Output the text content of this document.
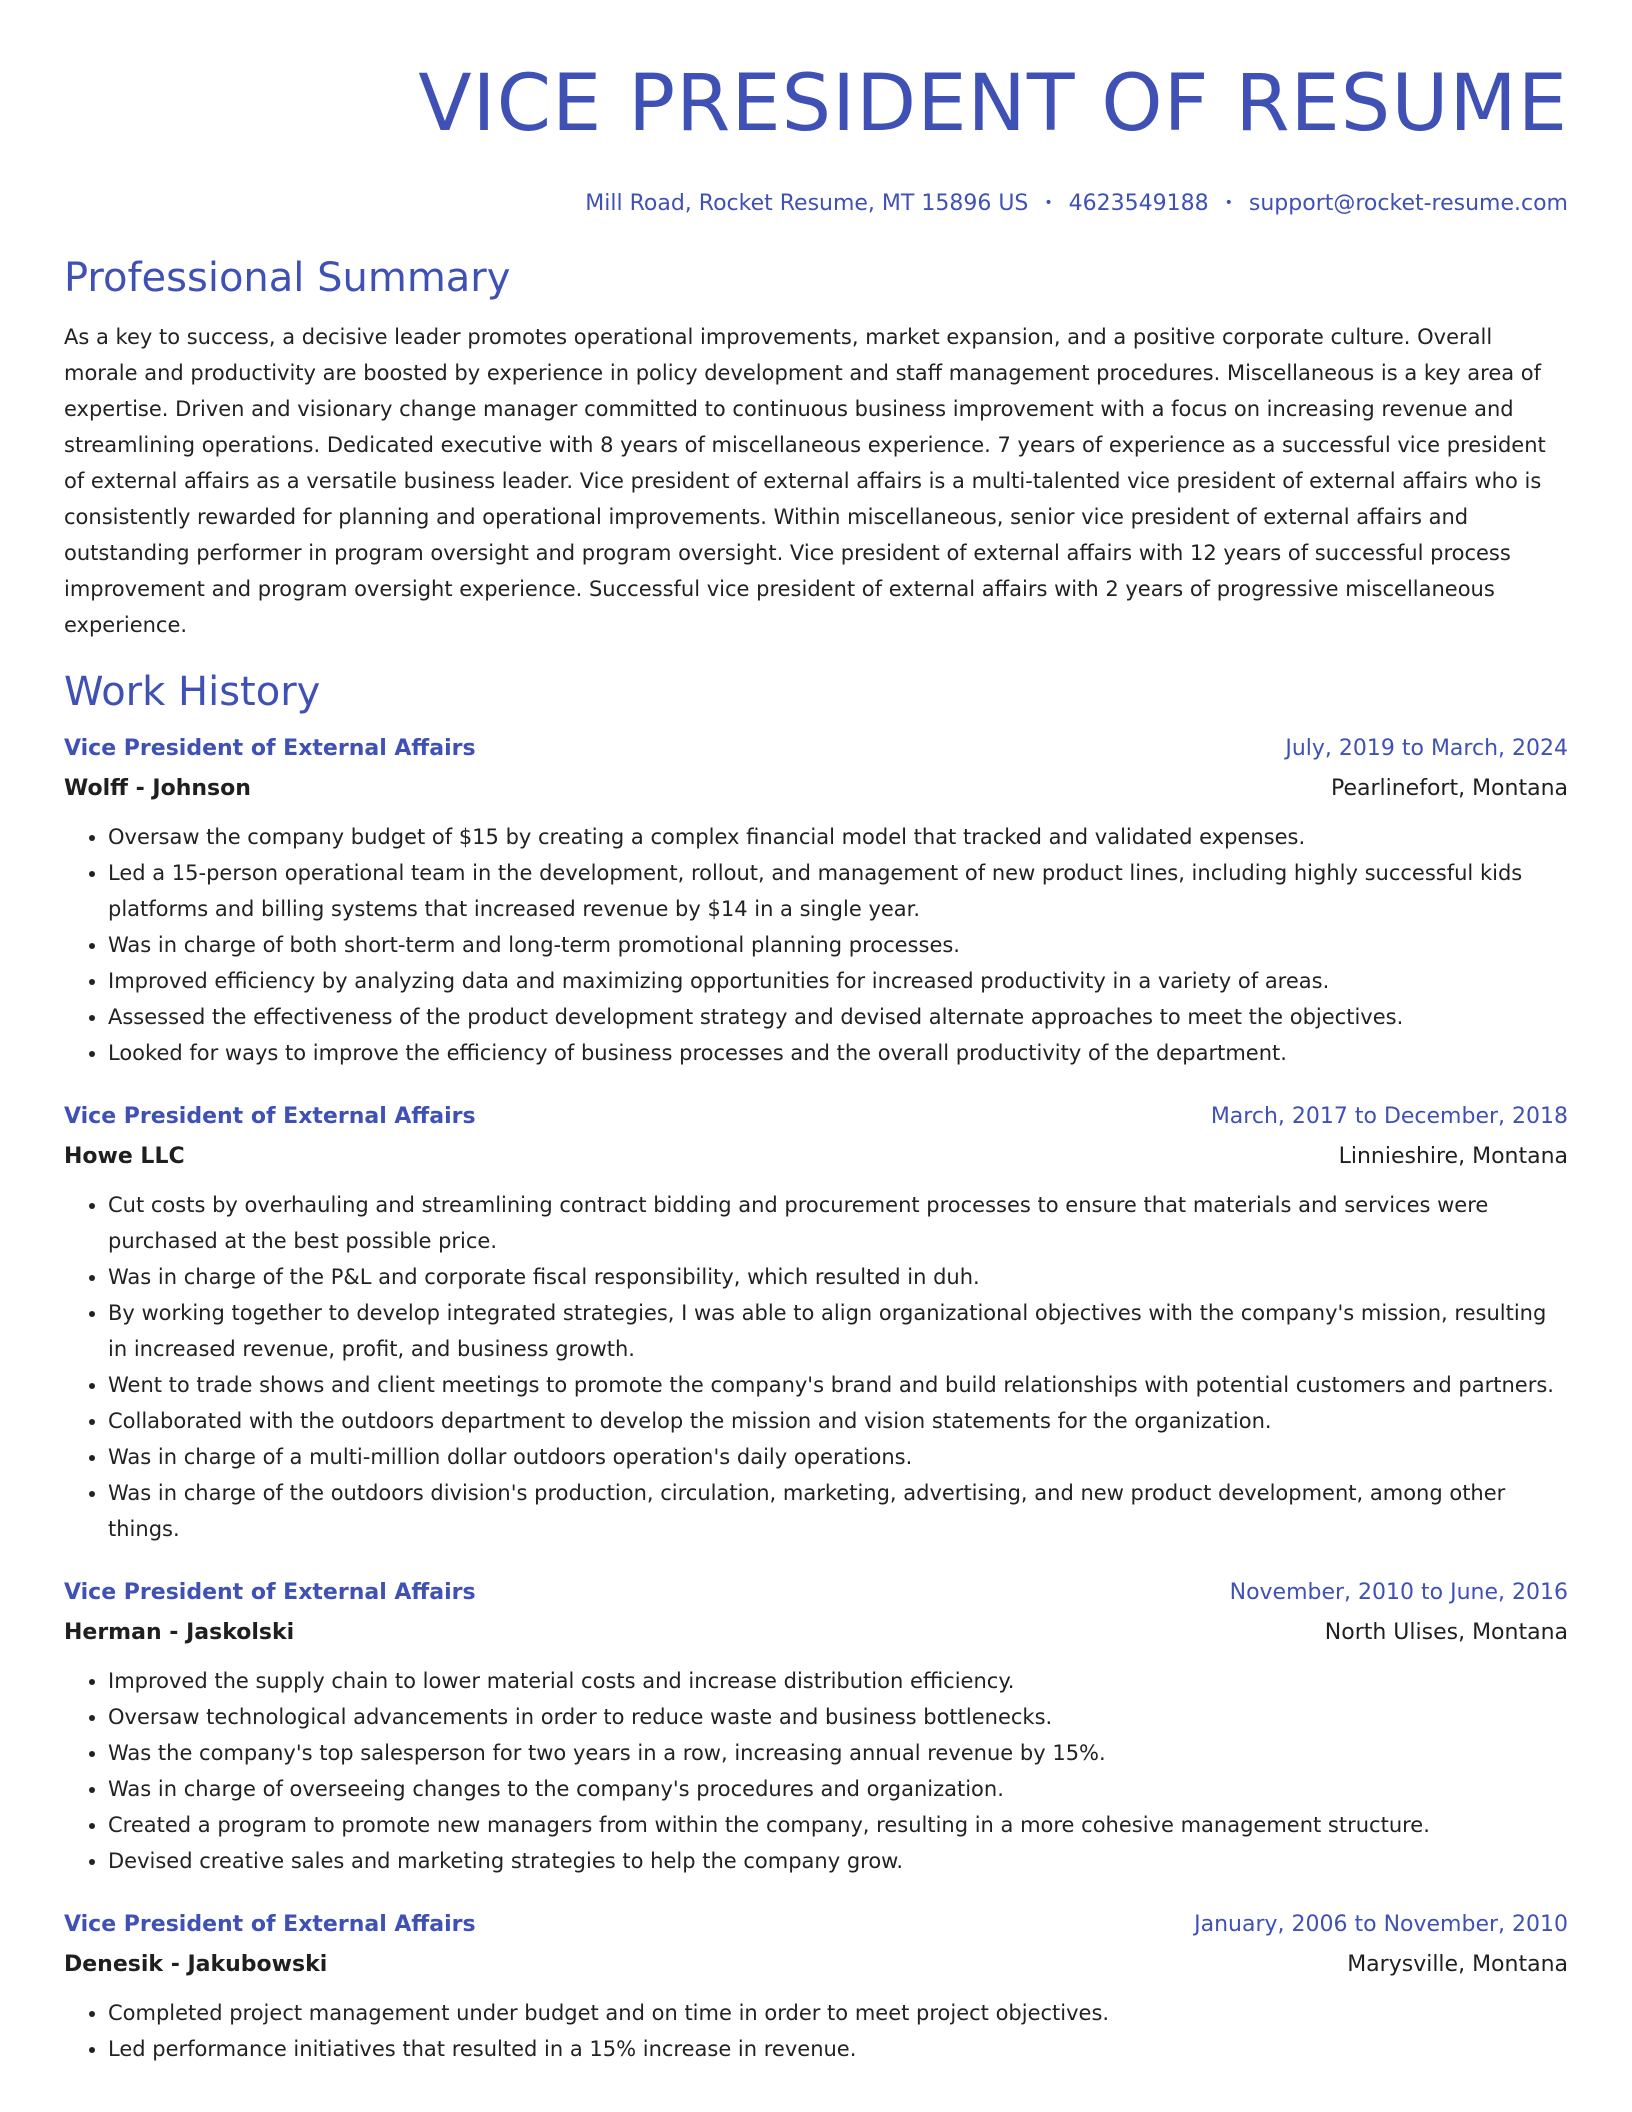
VICE PRESIDENT OF RESUME
Mill Road, Rocket Resume, MT 15896 US • 4623549188 • support@rocket-resume.com
Professional Summary

As a key to success, a decisive leader promotes operational improvements, market expansion, and a positive corporate culture. Overall morale and productivity are boosted by experience in policy development and staff management procedures. Miscellaneous is a key area of expertise. Driven and visionary change manager committed to continuous business improvement with a focus on increasing revenue and streamlining operations. Dedicated executive with 8 years of miscellaneous experience. 7 years of experience as a successful vice president of external affairs as a versatile business leader. Vice president of external affairs is a multi-talented vice president of external affairs who is consistently rewarded for planning and operational improvements. Within miscellaneous, senior vice president of external affairs and outstanding performer in program oversight and program oversight. Vice president of external affairs with 12 years of successful process improvement and program oversight experience. Successful vice president of external affairs with 2 years of progressive miscellaneous experience.

Work History
Vice President of External Affairs	July, 2019 to March, 2024
Wolff - Johnson	Pearlinefort, Montana
• Oversaw the company budget of $15 by creating a complex financial model that tracked and validated expenses.
• Led a 15-person operational team in the development, rollout, and management of new product lines, including highly successful kids platforms and billing systems that increased revenue by $14 in a single year.
• Was in charge of both short-term and long-term promotional planning processes.
• Improved efficiency by analyzing data and maximizing opportunities for increased productivity in a variety of areas.
• Assessed the effectiveness of the product development strategy and devised alternate approaches to meet the objectives.
• Looked for ways to improve the efficiency of business processes and the overall productivity of the department.
Vice President of External Affairs	March, 2017 to December, 2018
Howe LLC	Linnieshire, Montana
• Cut costs by overhauling and streamlining contract bidding and procurement processes to ensure that materials and services were purchased at the best possible price.
• Was in charge of the P&L and corporate fiscal responsibility, which resulted in duh.
• By working together to develop integrated strategies, I was able to align organizational objectives with the company's mission, resulting in increased revenue, profit, and business growth.
• Went to trade shows and client meetings to promote the company's brand and build relationships with potential customers and partners.
• Collaborated with the outdoors department to develop the mission and vision statements for the organization.
• Was in charge of a multi-million dollar outdoors operation's daily operations.
• Was in charge of the outdoors division's production, circulation, marketing, advertising, and new product development, among other things.
Vice President of External Affairs	November, 2010 to June, 2016
Herman - Jaskolski	North Ulises, Montana
• Improved the supply chain to lower material costs and increase distribution efficiency.
• Oversaw technological advancements in order to reduce waste and business bottlenecks.
• Was the company's top salesperson for two years in a row, increasing annual revenue by 15%.
• Was in charge of overseeing changes to the company's procedures and organization.
• Created a program to promote new managers from within the company, resulting in a more cohesive management structure.
• Devised creative sales and marketing strategies to help the company grow.
Vice President of External Affairs	January, 2006 to November, 2010
Denesik - Jakubowski	Marysville, Montana
• Completed project management under budget and on time in order to meet project objectives.
• Led performance initiatives that resulted in a 15% increase in revenue.
